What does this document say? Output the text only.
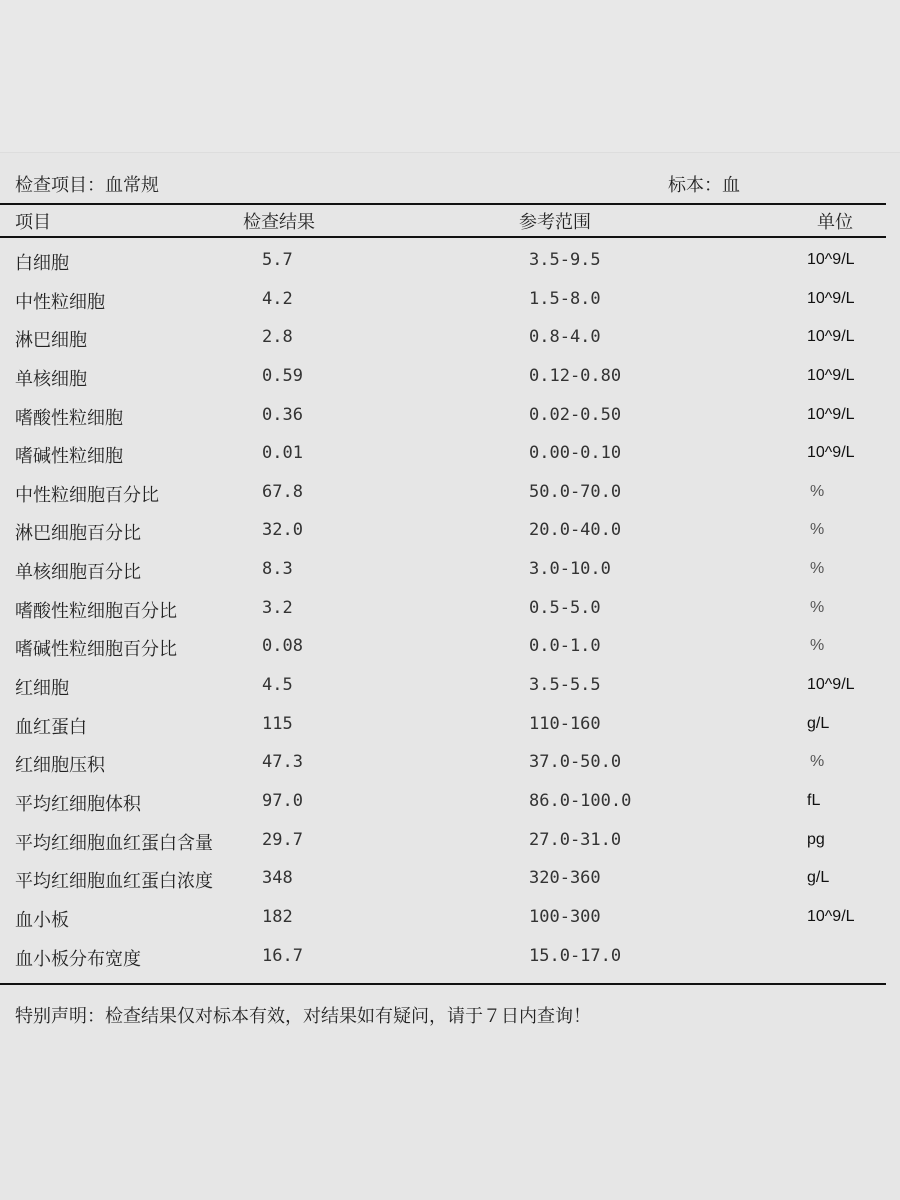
检查项目：血常规	标本：血
项目	检查结果	参考范围	单位
白细胞	5.7	3.5-9.5	10^9/L
中性粒细胞	4.2	1.5-8.0	10^9/L
淋巴细胞	2.8	0.8-4.0	10^9/L
单核细胞	0.59	0.12-0.80	10^9/L
嗜酸性粒细胞	0.36	0.02-0.50	10^9/L
嗜碱性粒细胞	0.01	0.00-0.10	10^9/L
中性粒细胞百分比	67.8	50.0-70.0	%
淋巴细胞百分比	32.0	20.0-40.0	%
单核细胞百分比	8.3	3.0-10.0	%
嗜酸性粒细胞百分比	3.2	0.5-5.0	%
嗜碱性粒细胞百分比	0.08	0.0-1.0	%
红细胞	4.5	3.5-5.5	10^9/L
血红蛋白	115	110-160	g/L
红细胞压积	47.3	37.0-50.0	%
平均红细胞体积	97.0	86.0-100.0	fL
平均红细胞血红蛋白含量	29.7	27.0-31.0	pg
平均红细胞血红蛋白浓度	348	320-360	g/L
血小板	182	100-300	10^9/L
血小板分布宽度	16.7	15.0-17.0
特别声明：检查结果仅对标本有效，对结果如有疑问，请于７日内查询！
